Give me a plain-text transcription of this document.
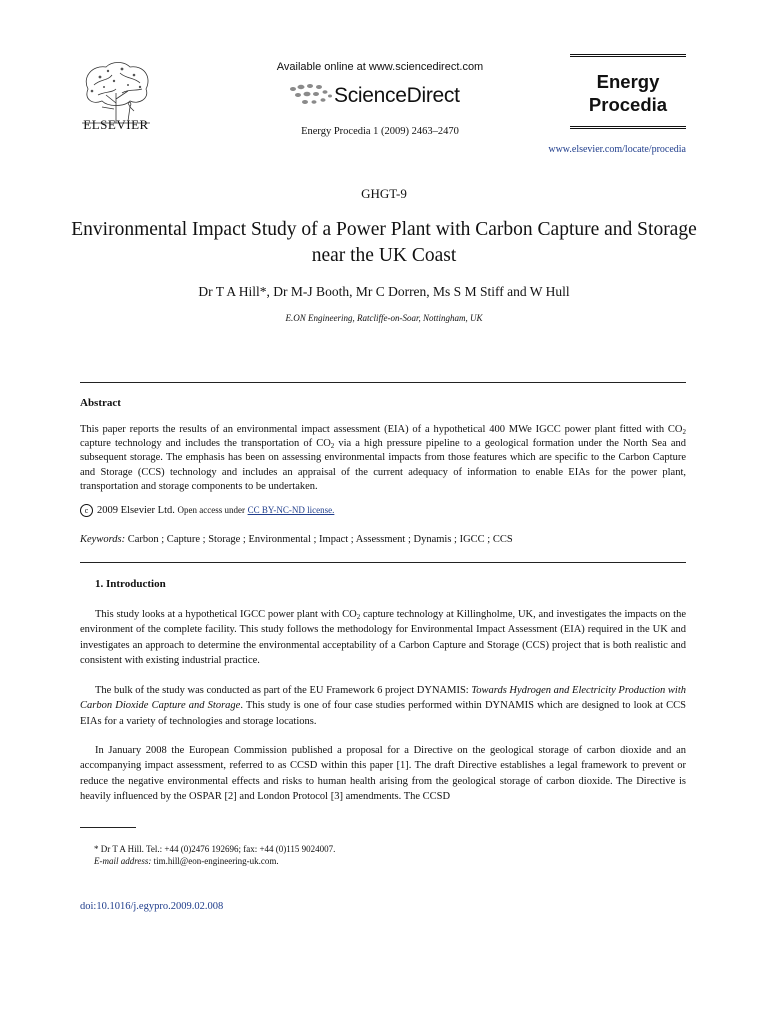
ELSEVIER
Available online at www.sciencedirect.com
ScienceDirect
Energy Procedia 1 (2009) 2463–2470
Energy
Procedia
www.elsevier.com/locate/procedia
GHGT-9
Environmental Impact Study of a Power Plant with Carbon Capture and Storage near the UK Coast
Dr T A Hill*, Dr M-J Booth, Mr C Dorren, Ms S M Stiff and W Hull
E.ON Engineering, Ratcliffe-on-Soar, Nottingham, UK
Abstract
This paper reports the results of an environmental impact assessment (EIA) of a hypothetical 400 MWe IGCC power plant fitted with $CO_2$ capture technology and includes the transportation of $CO_2$ via a high pressure pipeline to a geological formation under the North Sea and subsequent storage. The emphasis has been on assessing environmental impacts from those features which are specific to the Carbon Capture and Storage (CCS) technology and includes an appraisal of the current adequacy of information to enable EIAs for the power plant, transportation and storage components to be undertaken.
c 2009 Elsevier Ltd. Open access under CC BY-NC-ND license.
Keywords: Carbon ; Capture ; Storage ; Environmental ; Impact ; Assessment ; Dynamis ; IGCC ; CCS
1. Introduction
This study looks at a hypothetical IGCC power plant with $CO_2$ capture technology at Killingholme, UK, and investigates the impacts on the environment of the complete facility. This study follows the methodology for Environmental Impact Assessment (EIA) required in the UK and investigates an approach to determine the environmental acceptability of a Carbon Capture and Storage (CCS) project that is both realistic and consistent with existing industrial practice.
The bulk of the study was conducted as part of the EU Framework 6 project DYNAMIS: Towards Hydrogen and Electricity Production with Carbon Dioxide Capture and Storage. This study is one of four case studies performed within DYNAMIS which are designed to look at CCS EIAs for a variety of technologies and storage locations.
In January 2008 the European Commission published a proposal for a Directive on the geological storage of carbon dioxide and an accompanying impact assessment, referred to as CCSD within this paper [1]. The draft Directive establishes a legal framework to prevent or reduce the negative environmental effects and risks to human health arising from the geological storage of carbon dioxide. The Directive is heavily influenced by the OSPAR [2] and London Protocol [3] amendments. The CCSD
* Dr T A Hill. Tel.: +44 (0)2476 192696; fax: +44 (0)115 9024007.
E-mail address: tim.hill@eon-engineering-uk.com.
doi:10.1016/j.egypro.2009.02.008
